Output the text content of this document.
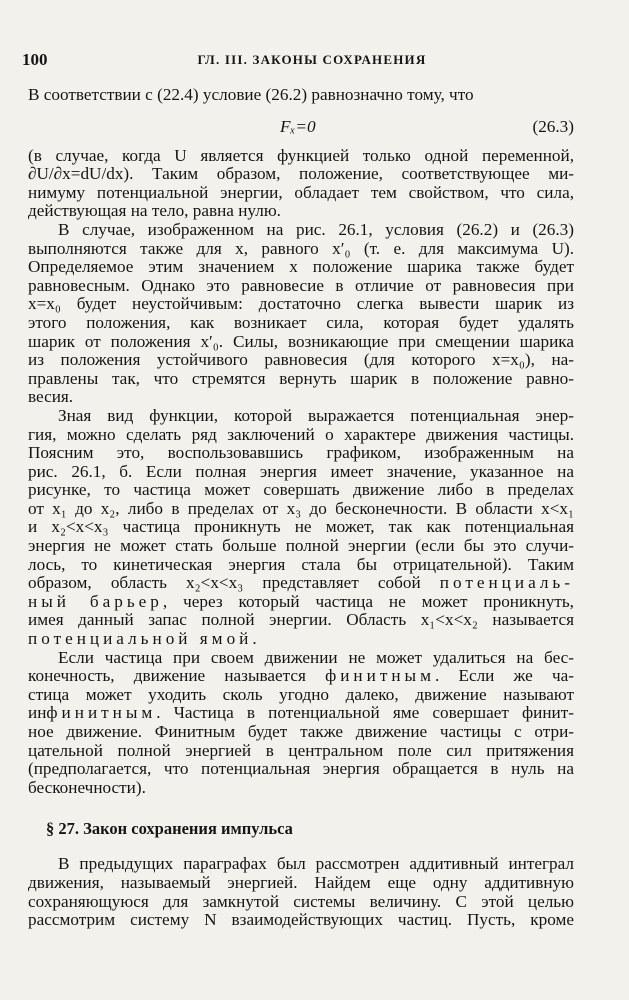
100	ГЛ. III. ЗАКОНЫ СОХРАНЕНИЯ
В соответствии с (22.4) условие (26.2) равнозначно тому, что
Fₓ=0	(26.3)
(в случае, когда U является функцией только одной переменной,
∂U/∂x=dU/dx). Таким образом, положение, соответствующее ми-
нимуму потенциальной энергии, обладает тем свойством, что сила,
действующая на тело, равна нулю.
В случае, изображенном на рис. 26.1, условия (26.2) и (26.3)
выполняются также для x, равного x′₀ (т. е. для максимума U).
Определяемое этим значением x положение шарика также будет
равновесным. Однако это равновесие в отличие от равновесия при
x=x₀ будет неустойчивым: достаточно слегка вывести шарик из
этого положения, как возникает сила, которая будет удалять
шарик от положения x′₀. Силы, возникающие при смещении шарика
из положения устойчивого равновесия (для которого x=x₀), на-
правлены так, что стремятся вернуть шарик в положение равно-
весия.
Зная вид функции, которой выражается потенциальная энер-
гия, можно сделать ряд заключений о характере движения частицы.
Поясним это, воспользовавшись графиком, изображенным на
рис. 26.1, б. Если полная энергия имеет значение, указанное на
рисунке, то частица может совершать движение либо в пределах
от x₁ до x₂, либо в пределах от x₃ до бесконечности. В области x<x₁
и x₂<x<x₃ частица проникнуть не может, так как потенциальная
энергия не может стать больше полной энергии (если бы это случи-
лось, то кинетическая энергия стала бы отрицательной). Таким
образом, область x₂<x<x₃ представляет собой потенциаль-
ный барьер, через который частица не может проникнуть,
имея данный запас полной энергии. Область x₁<x<x₂ называется
потенциальной ямой.
Если частица при своем движении не может удалиться на бес-
конечность, движение называется финитным. Если же ча-
стица может уходить сколь угодно далеко, движение называют
инфинитным. Частица в потенциальной яме совершает финит-
ное движение. Финитным будет также движение частицы с отри-
цательной полной энергией в центральном поле сил притяжения
(предполагается, что потенциальная энергия обращается в нуль на
бесконечности).
§ 27. Закон сохранения импульса
В предыдущих параграфах был рассмотрен аддитивный интеграл
движения, называемый энергией. Найдем еще одну аддитивную
сохраняющуюся для замкнутой системы величину. С этой целью
рассмотрим систему N взаимодействующих частиц. Пусть, кроме
